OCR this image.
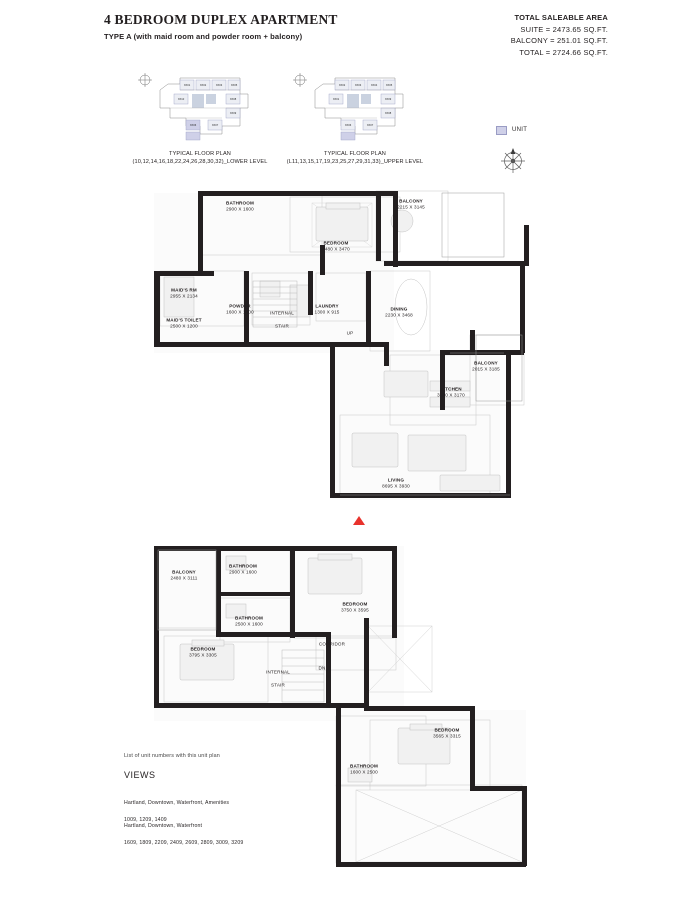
4 BEDROOM DUPLEX APARTMENT
TYPE A (with maid room and powder room + balcony)
TOTAL SALEABLE AREA
SUITE = 2473.65 SQ.FT.
BALCONY = 251.01 SQ.FT.
TOTAL = 2724.66 SQ.FT.
XX01	XX02	XX03	XX05
XX10	XX08
XX09
XX07
XX06
TYPICAL FLOOR PLAN
(10,12,14,16,18,22,24,26,28,30,32)_LOWER LEVEL
XX02	XX03	XX04	XX05
XX01	XX09
XX08
XX07
XX06
TYPICAL FLOOR PLAN
(L11,13,15,17,19,23,25,27,29,31,33)_UPPER LEVEL
UNIT

BATHROOM

2900 X 1600

BALCONY

2215 X 3145

BEDROOM

4480 X 3470

MAID'S RM

2955 X 2134

POWDER

1600 X 1400

LAUNDRY

1300 X 915

DINING

2230 X 3468

MAID'S TOILET

2500 X 1200

INTERNAL

STAIR

UP

BALCONY

2015 X 3185

KITCHEN

3150 X 3170

LIVING

8695 X 3930

BALCONY

2480 X 3111

BATHROOM

2900 X 1600

BEDROOM

3750 X 3595

BATHROOM

2500 X 1600

CORRIDOR

BEDROOM

3795 X 3305

DN

INTERNAL

STAIR

BEDROOM

3565 X 3315

BATHROOM

1600 X 2500

List of unit numbers with this unit plan
VIEWS

Hartland, Downtown, Waterfront, Amenities

1009, 1209, 1409

Hartland, Downtown, Waterfront

1609, 1809, 2209, 2409, 2609, 2809, 3009, 3209
